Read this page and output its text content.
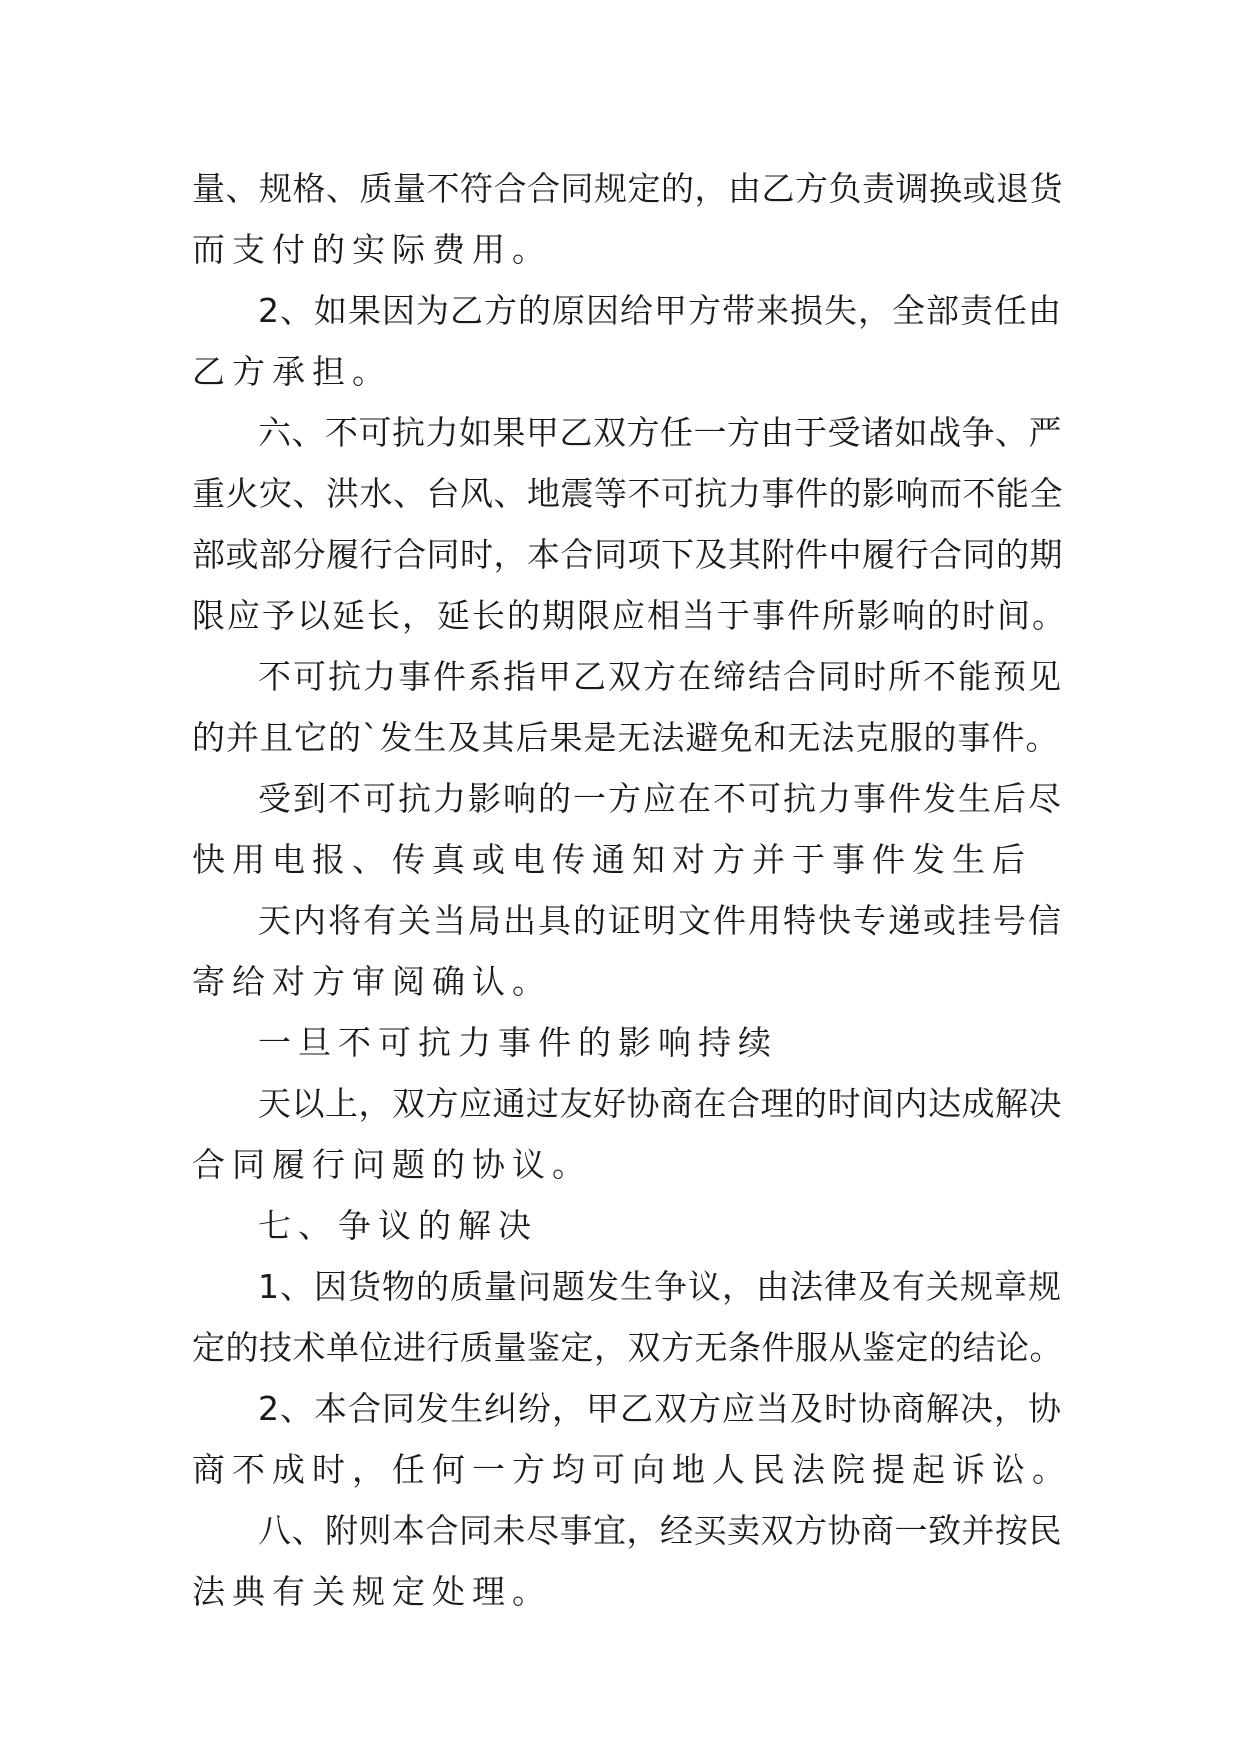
量、规格、质量不符合合同规定的，由乙方负责调换或退货
而支付的实际费用。
2、如果因为乙方的原因给甲方带来损失，全部责任由
乙方承担。
六、不可抗力如果甲乙双方任一方由于受诸如战争、严
重火灾、洪水、台风、地震等不可抗力事件的影响而不能全
部或部分履行合同时，本合同项下及其附件中履行合同的期
限应予以延长，延长的期限应相当于事件所影响的时间。
不可抗力事件系指甲乙双方在缔结合同时所不能预见
的并且它的`发生及其后果是无法避免和无法克服的事件。
受到不可抗力影响的一方应在不可抗力事件发生后尽
快用电报、传真或电传通知对方并于事件发生后
天内将有关当局出具的证明文件用特快专递或挂号信
寄给对方审阅确认。
一旦不可抗力事件的影响持续
天以上，双方应通过友好协商在合理的时间内达成解决
合同履行问题的协议。
七、争议的解决
1、因货物的质量问题发生争议，由法律及有关规章规
定的技术单位进行质量鉴定，双方无条件服从鉴定的结论。
2、本合同发生纠纷，甲乙双方应当及时协商解决，协
商不成时，任何一方均可向地人民法院提起诉讼。
八、附则本合同未尽事宜，经买卖双方协商一致并按民
法典有关规定处理。
